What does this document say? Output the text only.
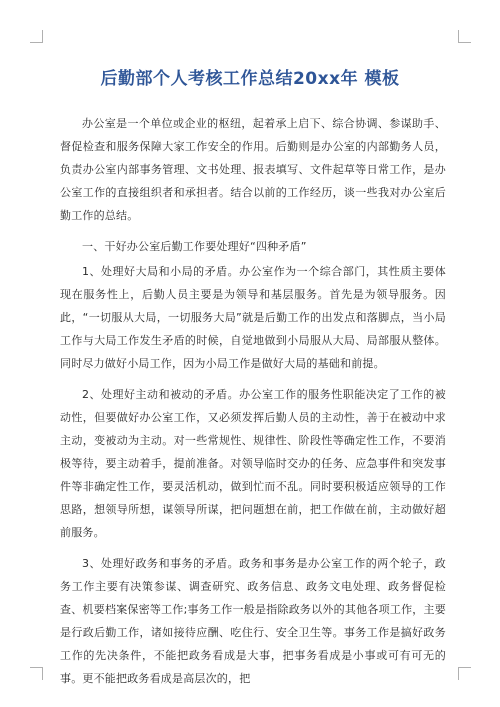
后勤部个人考核工作总结20xx年 模板

办公室是一个单位或企业的枢纽，起着承上启下、综合协调、参谋助手、督促检查和服务保障大家工作安全的作用。后勤则是办公室的内部勤务人员，负责办公室内部事务管理、文书处理、报表填写、文件起草等日常工作，是办公室工作的直接组织者和承担者。结合以前的工作经历，谈一些我对办公室后勤工作的总结。

一、干好办公室后勤工作要处理好“四种矛盾”

1、处理好大局和小局的矛盾。办公室作为一个综合部门，其性质主要体现在服务性上，后勤人员主要是为领导和基层服务。首先是为领导服务。因此，“一切服从大局，一切服务大局”就是后勤工作的出发点和落脚点，当小局工作与大局工作发生矛盾的时候，自觉地做到小局服从大局、局部服从整体。同时尽力做好小局工作，因为小局工作是做好大局的基础和前提。

2、处理好主动和被动的矛盾。办公室工作的服务性职能决定了工作的被动性，但要做好办公室工作，又必须发挥后勤人员的主动性，善于在被动中求主动，变被动为主动。对一些常规性、规律性、阶段性等确定性工作，不要消极等待，要主动着手，提前准备。对领导临时交办的任务、应急事件和突发事件等非确定性工作，要灵活机动，做到忙而不乱。同时要积极适应领导的工作思路，想领导所想，谋领导所谋，把问题想在前，把工作做在前，主动做好超前服务。

3、处理好政务和事务的矛盾。政务和事务是办公室工作的两个轮子，政务工作主要有决策参谋、调查研究、政务信息、政务文电处理、政务督促检查、机要档案保密等工作;事务工作一般是指除政务以外的其他各项工作，主要是行政后勤工作，诸如接待应酬、吃住行、安全卫生等。事务工作是搞好政务工作的先决条件，不能把政务看成是大事，把事务看成是小事或可有可无的事。更不能把政务看成是高层次的，把
